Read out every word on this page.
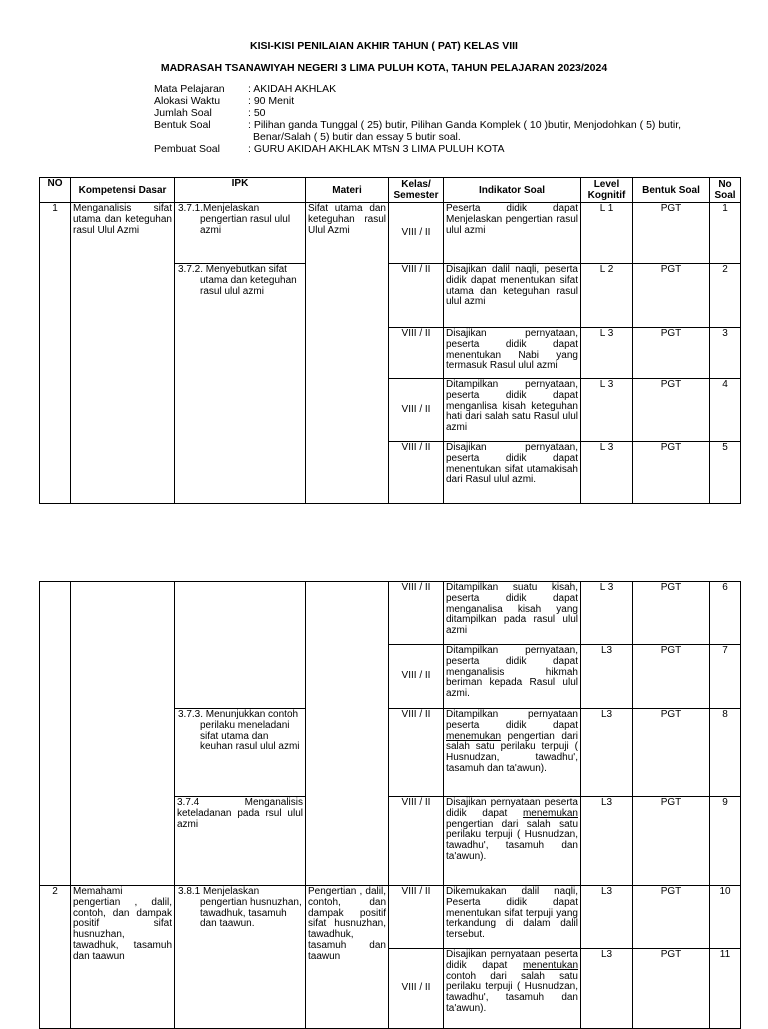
KISI-KISI PENILAIAN AKHIR TAHUN ( PAT) KELAS VIII
MADRASAH TSANAWIYAH NEGERI 3 LIMA PULUH KOTA, TAHUN PELAJARAN 2023/2024
Mata Pelajaran	: AKIDAH AKHLAK
Alokasi Waktu	: 90 Menit
Jumlah Soal	: 50
Bentuk Soal	: Pilihan ganda Tunggal ( 25) butir, Pilihan Ganda Komplek ( 10 )butir, Menjodohkan ( 5) butir,
Benar/Salah ( 5) butir dan essay 5 butir soal.
Pembuat Soal	: GURU AKIDAH AKHLAK MTsN 3 LIMA PULUH KOTA
NO	Kompetensi Dasar	IPK	Materi	Kelas/ Semester	Indikator Soal	Level Kognitif	Bentuk Soal	No Soal
1	Menganalisis sifat utama dan keteguhan rasul Ulul Azmi	3.7.1.Menjelaskan pengertian rasul ulul azmi	Sifat utama dan keteguhan rasul Ulul Azmi	VIII / II	Peserta didik dapat Menjelaskan pengertian rasul ulul azmi	L 1	PGT	1
		3.7.2. Menyebutkan sifat utama dan keteguhan rasul ulul azmi		VIII / II	Disajikan dalil naqli, peserta didik dapat menentukan sifat utama dan keteguhan rasul ulul azmi	L 2	PGT	2
				VIII / II	Disajikan pernyataan, peserta didik dapat menentukan Nabi yang termasuk Rasul ulul azmi	L 3	PGT	3
				VIII / II	Ditampilkan pernyataan, peserta didik dapat menganlisa kisah keteguhan hati dari salah satu Rasul ulul azmi	L 3	PGT	4
				VIII / II	Disajikan pernyataan, peserta didik dapat menentukan sifat utamakisah dari Rasul ulul azmi.	L 3	PGT	5
				VIII / II	Ditampilkan suatu kisah, peserta didik dapat menganalisa kisah yang ditampilkan pada rasul ulul azmi	L 3	PGT	6
				VIII / II	Ditampilkan pernyataan, peserta didik dapat menganalisis hikmah beriman kepada Rasul ulul azmi.	L3	PGT	7
		3.7.3. Menunjukkan contoh perilaku meneladani sifat utama dan keuhan rasul ulul azmi		VIII / II	Ditampilkan pernyataan peserta didik dapat menemukan pengertian dari salah satu perilaku terpuji ( Husnudzan, tawadhu', tasamuh dan ta'awun).	L3	PGT	8
		3.7.4 Menganalisis keteladanan pada rsul ulul azmi		VIII / II	Disajikan pernyataan peserta didik dapat menemukan pengertian dari salah satu perilaku terpuji ( Husnudzan, tawadhu', tasamuh dan ta'awun).	L3	PGT	9
2	Memahami pengertian , dalil, contoh, dan dampak positif sifat husnuzhan, tawadhuk, tasamuh dan taawun	3.8.1 Menjelaskan pengertian husnuzhan, tawadhuk, tasamuh dan taawun.	Pengertian , dalil, contoh, dan dampak positif sifat husnuzhan, tawadhuk, tasamuh dan taawun	VIII / II	Dikemukakan dalil naqli, Peserta didik dapat menentukan sifat terpuji yang terkandung di dalam dalil tersebut.	L3	PGT	10
				VIII / II	Disajikan pernyataan peserta didik dapat menentukan contoh dari salah satu perilaku terpuji ( Husnudzan, tawadhu', tasamuh dan ta'awun).	L3	PGT	11
